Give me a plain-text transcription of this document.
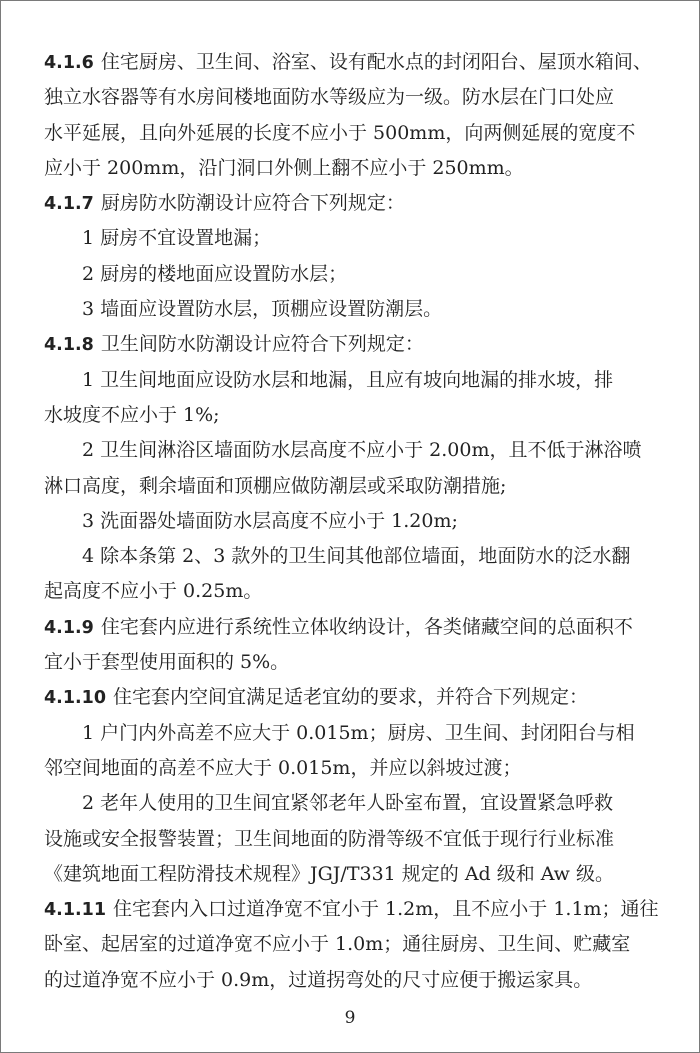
4.1.6 住宅厨房、卫生间、浴室、设有配水点的封闭阳台、屋顶水箱间、
独立水容器等有水房间楼地面防水等级应为一级。防水层在门口处应
水平延展，且向外延展的长度不应小于 500mm，向两侧延展的宽度不
应小于 200mm，沿门洞口外侧上翻不应小于 250mm。
4.1.7 厨房防水防潮设计应符合下列规定：
1 厨房不宜设置地漏；
2 厨房的楼地面应设置防水层；
3 墙面应设置防水层，顶棚应设置防潮层。
4.1.8 卫生间防水防潮设计应符合下列规定：
1 卫生间地面应设防水层和地漏，且应有坡向地漏的排水坡，排
水坡度不应小于 1%;
2 卫生间淋浴区墙面防水层高度不应小于 2.00m，且不低于淋浴喷
淋口高度，剩余墙面和顶棚应做防潮层或采取防潮措施;
3 洗面器处墙面防水层高度不应小于 1.20m;
4 除本条第 2、3 款外的卫生间其他部位墙面，地面防水的泛水翻
起高度不应小于 0.25m。
4.1.9 住宅套内应进行系统性立体收纳设计，各类储藏空间的总面积不
宜小于套型使用面积的 5%。
4.1.10 住宅套内空间宜满足适老宜幼的要求，并符合下列规定：
1 户门内外高差不应大于 0.015m；厨房、卫生间、封闭阳台与相
邻空间地面的高差不应大于 0.015m，并应以斜坡过渡；
2 老年人使用的卫生间宜紧邻老年人卧室布置，宜设置紧急呼救
设施或安全报警装置；卫生间地面的防滑等级不宜低于现行行业标准
《建筑地面工程防滑技术规程》JGJ/T331 规定的 Ad 级和 Aw 级。
4.1.11 住宅套内入口过道净宽不宜小于 1.2m，且不应小于 1.1m；通往
卧室、起居室的过道净宽不应小于 1.0m；通往厨房、卫生间、贮藏室
的过道净宽不应小于 0.9m，过道拐弯处的尺寸应便于搬运家具。
9
